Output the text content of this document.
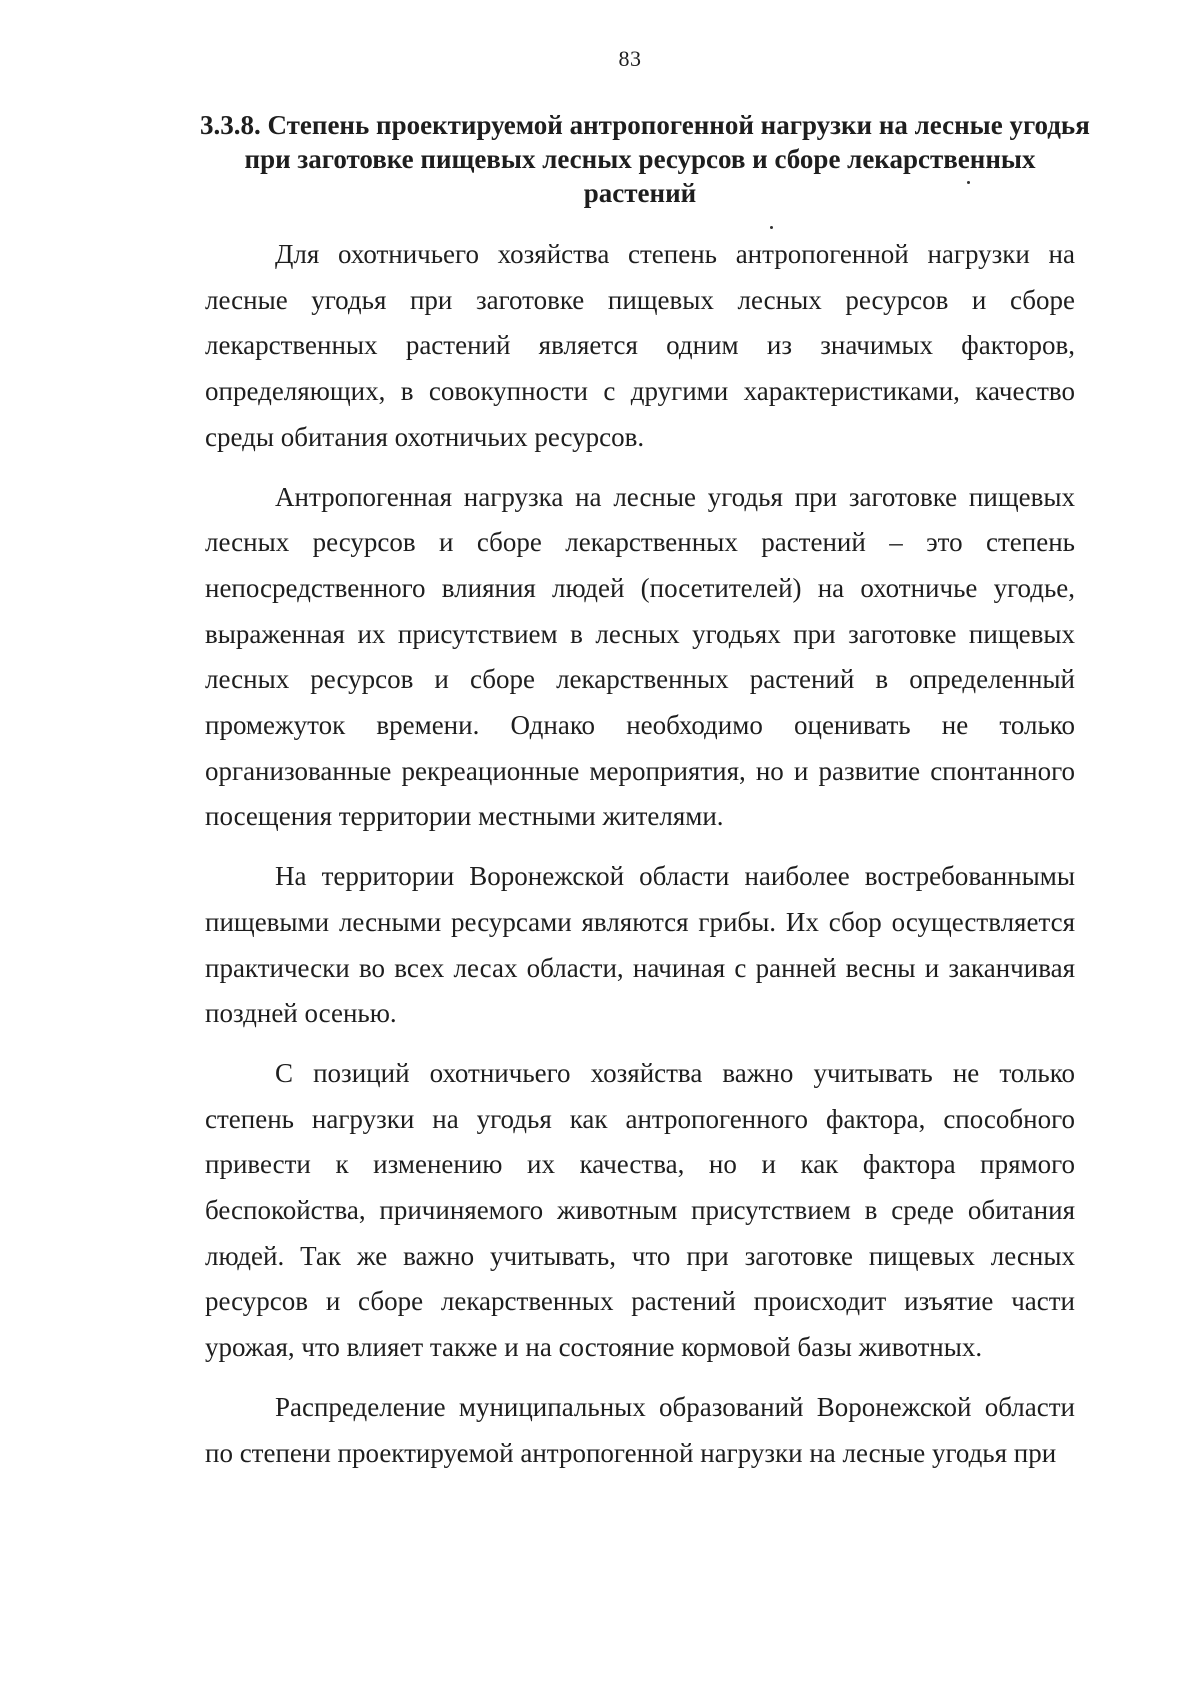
83
3.3.8. Степень проектируемой антропогенной нагрузки на лесные угодья
при заготовке пищевых лесных ресурсов и сборе лекарственных
растений

Для охотничьего хозяйства степень антропогенной нагрузки на лесные угодья при заготовке пищевых лесных ресурсов и сборе лекарственных растений является одним из значимых факторов, определяющих, в совокупности с другими характеристиками, качество среды обитания охотничьих ресурсов.

Антропогенная нагрузка на лесные угодья при заготовке пищевых лесных ресурсов и сборе лекарственных растений – это степень непосредственного влияния людей (посетителей) на охотничье угодье, выраженная их присутствием в лесных угодьях при заготовке пищевых лесных ресурсов и сборе лекарственных растений в определенный промежуток времени. Однако необходимо оценивать не только организованные рекреационные мероприятия, но и развитие спонтанного посещения территории местными жителями.

На территории Воронежской области наиболее востребованнымы пищевыми лесными ресурсами являются грибы. Их сбор осуществляется практически во всех лесах области, начиная с ранней весны и заканчивая поздней осенью.

С позиций охотничьего хозяйства важно учитывать не только степень нагрузки на угодья как антропогенного фактора, способного привести к изменению их качества, но и как фактора прямого беспокойства, причиняемого животным присутствием в среде обитания людей. Так же важно учитывать, что при заготовке пищевых лесных ресурсов и сборе лекарственных растений происходит изъятие части урожая, что влияет также и на состояние кормовой базы животных.

Распределение муниципальных образований Воронежской области по степени проектируемой антропогенной нагрузки на лесные угодья при
